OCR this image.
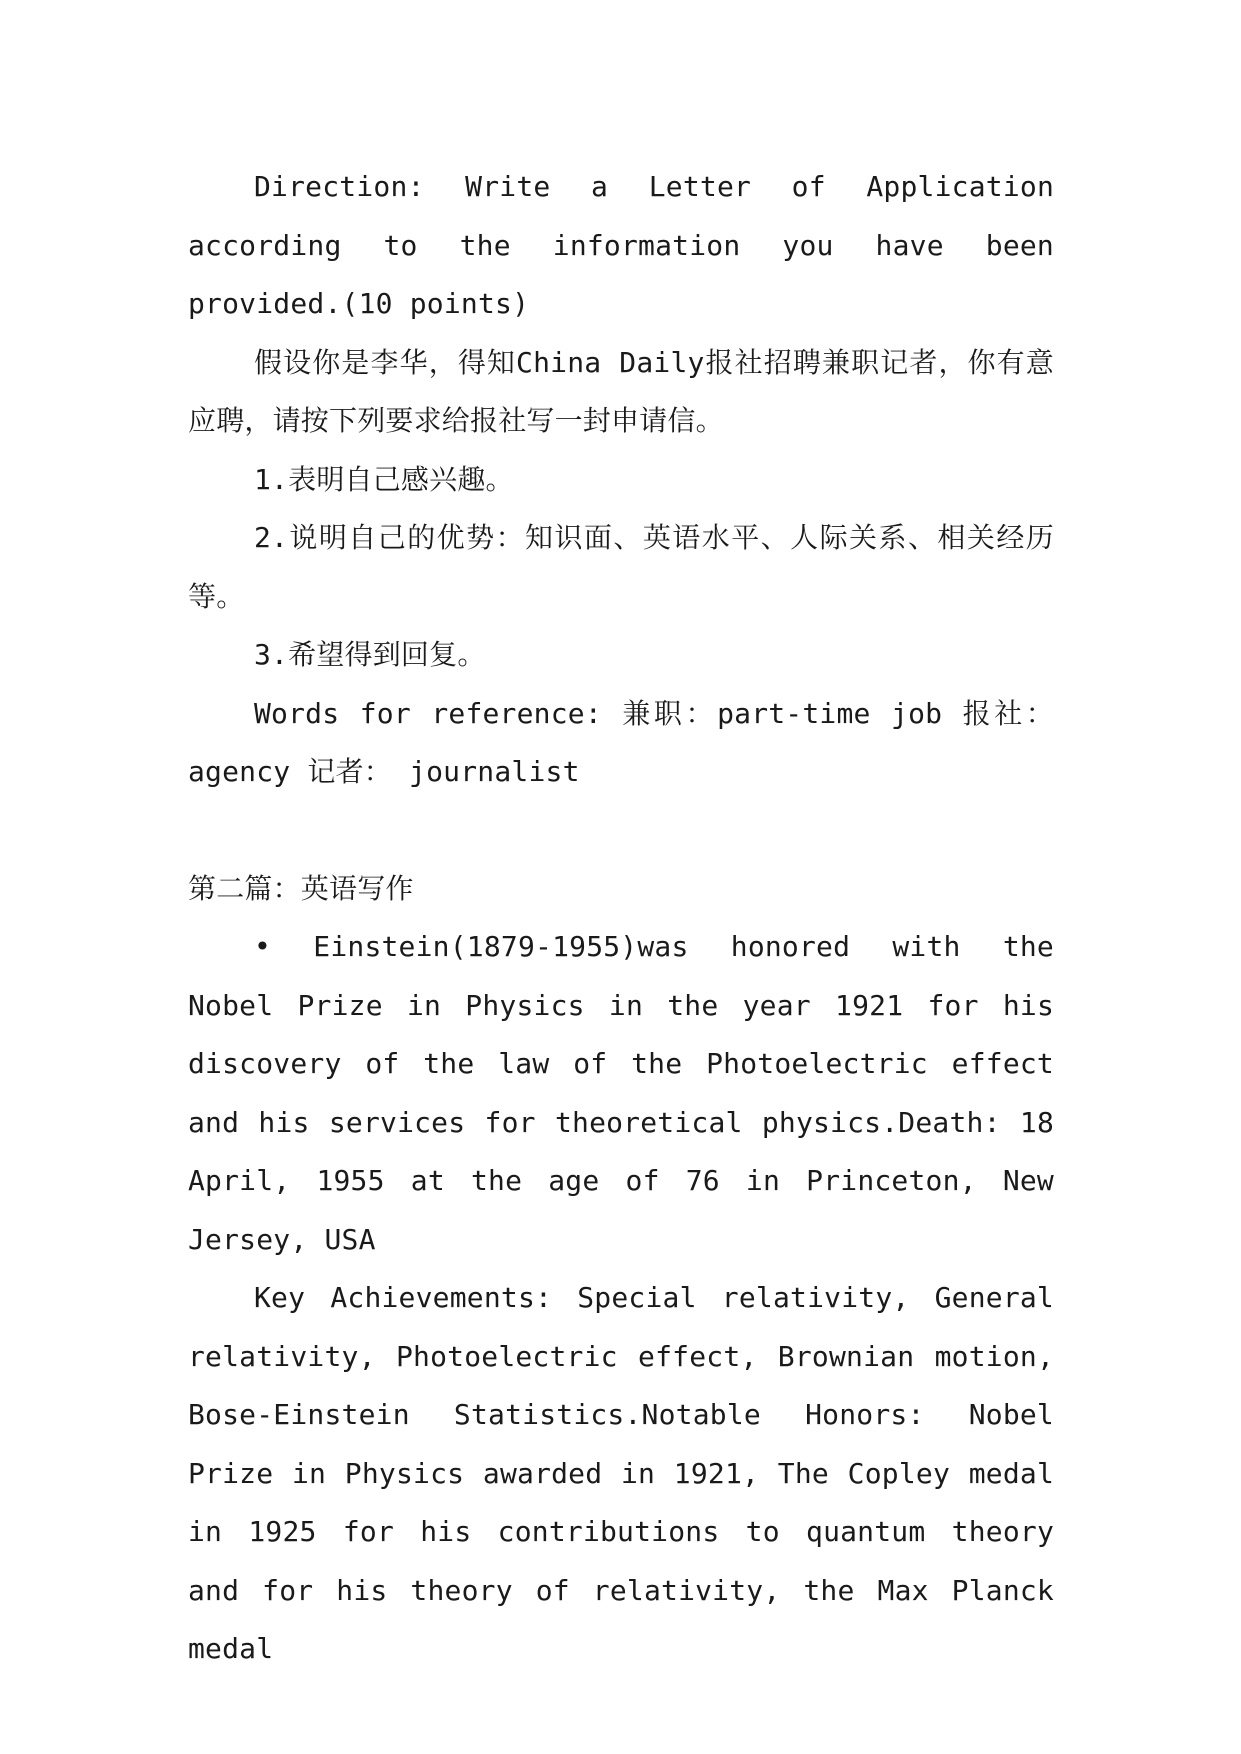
Direction: Write a Letter of Application according to the information you have been provided.(10 points)

假设你是李华，得知China Daily报社招聘兼职记者，你有意应聘，请按下列要求给报社写一封申请信。

1.表明自己感兴趣。

2.说明自己的优势：知识面、英语水平、人际关系、相关经历等。

3.希望得到回复。

Words for reference: 兼职：part-time job 报社：agency 记者： journalist

第二篇：英语写作

• Einstein(1879-1955)was honored with the Nobel Prize in Physics in the year 1921 for his discovery of the law of the Photoelectric effect and his services for theoretical physics.Death: 18 April, 1955 at the age of 76 in Princeton, New Jersey, USA

Key Achievements: Special relativity, General relativity, Photoelectric effect, Brownian motion, Bose-Einstein Statistics.Notable Honors: Nobel Prize in Physics awarded in 1921, The Copley medal in 1925 for his contributions to quantum theory and for his theory of relativity, the Max Planck medal
